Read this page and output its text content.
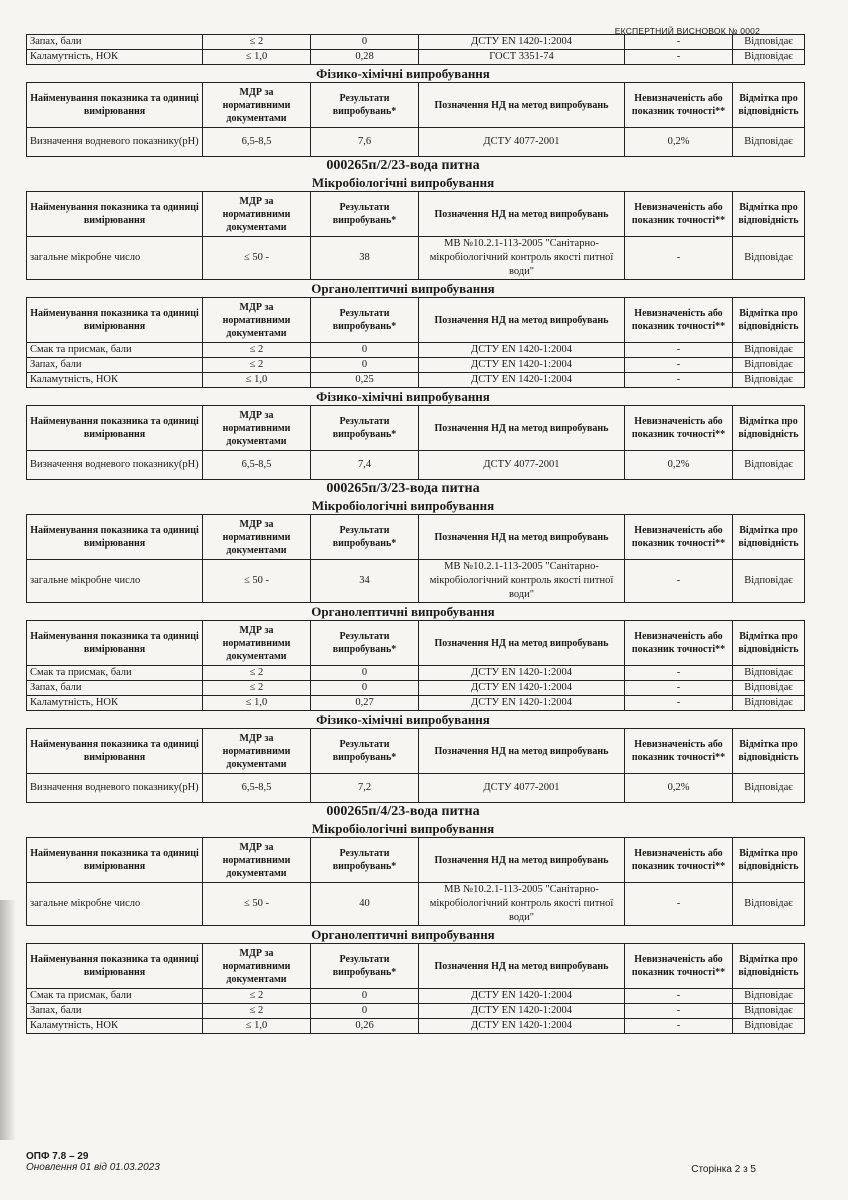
ЕКСПЕРТНИЙ ВИСНОВОК № 0002
Запах, бали	≤ 2	0	ДСТУ EN 1420-1:2004	-	Відповідає
Каламутність, НОК	≤ 1,0	0,28	ГОСТ 3351-74	-	Відповідає
Фізико-хімічні випробування
Найменування показника та одиниці вимірювання	МДР за нормативними документами	Результати випробувань*	Позначення НД на метод випробувань	Невизначеність або показник точності**	Відмітка про відповідність
Визначення водневого показнику(рН)	6,5-8,5	7,6	ДСТУ 4077-2001	0,2%	Відповідає
000265п/2/23-вода питна
Мікробіологічні випробування
Найменування показника та одиниці вимірювання	МДР за нормативними документами	Результати випробувань*	Позначення НД на метод випробувань	Невизначеність або показник точності**	Відмітка про відповідність
загальне мікробне число	≤ 50 -	38	МВ №10.2.1-113-2005 "Санітарно-мікробіологічний контроль якості питної води"	-	Відповідає
Органолептичні випробування
Найменування показника та одиниці вимірювання	МДР за нормативними документами	Результати випробувань*	Позначення НД на метод випробувань	Невизначеність або показник точності**	Відмітка про відповідність
Смак та присмак, бали	≤ 2	0	ДСТУ EN 1420-1:2004	-	Відповідає
Запах, бали	≤ 2	0	ДСТУ EN 1420-1:2004	-	Відповідає
Каламутність, НОК	≤ 1,0	0,25	ДСТУ EN 1420-1:2004	-	Відповідає
Фізико-хімічні випробування
Найменування показника та одиниці вимірювання	МДР за нормативними документами	Результати випробувань*	Позначення НД на метод випробувань	Невизначеність або показник точності**	Відмітка про відповідність
Визначення водневого показнику(рН)	6,5-8,5	7,4	ДСТУ 4077-2001	0,2%	Відповідає
000265п/3/23-вода питна
Мікробіологічні випробування
Найменування показника та одиниці вимірювання	МДР за нормативними документами	Результати випробувань*	Позначення НД на метод випробувань	Невизначеність або показник точності**	Відмітка про відповідність
загальне мікробне число	≤ 50 -	34	МВ №10.2.1-113-2005 "Санітарно-мікробіологічний контроль якості питної води"	-	Відповідає
Органолептичні випробування
Найменування показника та одиниці вимірювання	МДР за нормативними документами	Результати випробувань*	Позначення НД на метод випробувань	Невизначеність або показник точності**	Відмітка про відповідність
Смак та присмак, бали	≤ 2	0	ДСТУ EN 1420-1:2004	-	Відповідає
Запах, бали	≤ 2	0	ДСТУ EN 1420-1:2004	-	Відповідає
Каламутність, НОК	≤ 1,0	0,27	ДСТУ EN 1420-1:2004	-	Відповідає
Фізико-хімічні випробування
Найменування показника та одиниці вимірювання	МДР за нормативними документами	Результати випробувань*	Позначення НД на метод випробувань	Невизначеність або показник точності**	Відмітка про відповідність
Визначення водневого показнику(рН)	6,5-8,5	7,2	ДСТУ 4077-2001	0,2%	Відповідає
000265п/4/23-вода питна
Мікробіологічні випробування
Найменування показника та одиниці вимірювання	МДР за нормативними документами	Результати випробувань*	Позначення НД на метод випробувань	Невизначеність або показник точності**	Відмітка про відповідність
загальне мікробне число	≤ 50 -	40	МВ №10.2.1-113-2005 "Санітарно-мікробіологічний контроль якості питної води"	-	Відповідає
Органолептичні випробування
Найменування показника та одиниці вимірювання	МДР за нормативними документами	Результати випробувань*	Позначення НД на метод випробувань	Невизначеність або показник точності**	Відмітка про відповідність
Смак та присмак, бали	≤ 2	0	ДСТУ EN 1420-1:2004	-	Відповідає
Запах, бали	≤ 2	0	ДСТУ EN 1420-1:2004	-	Відповідає
Каламутність, НОК	≤ 1,0	0,26	ДСТУ EN 1420-1:2004	-	Відповідає
ОПФ 7.8 – 29
Оновлення 01 від 01.03.2023	Сторінка 2 з 5
